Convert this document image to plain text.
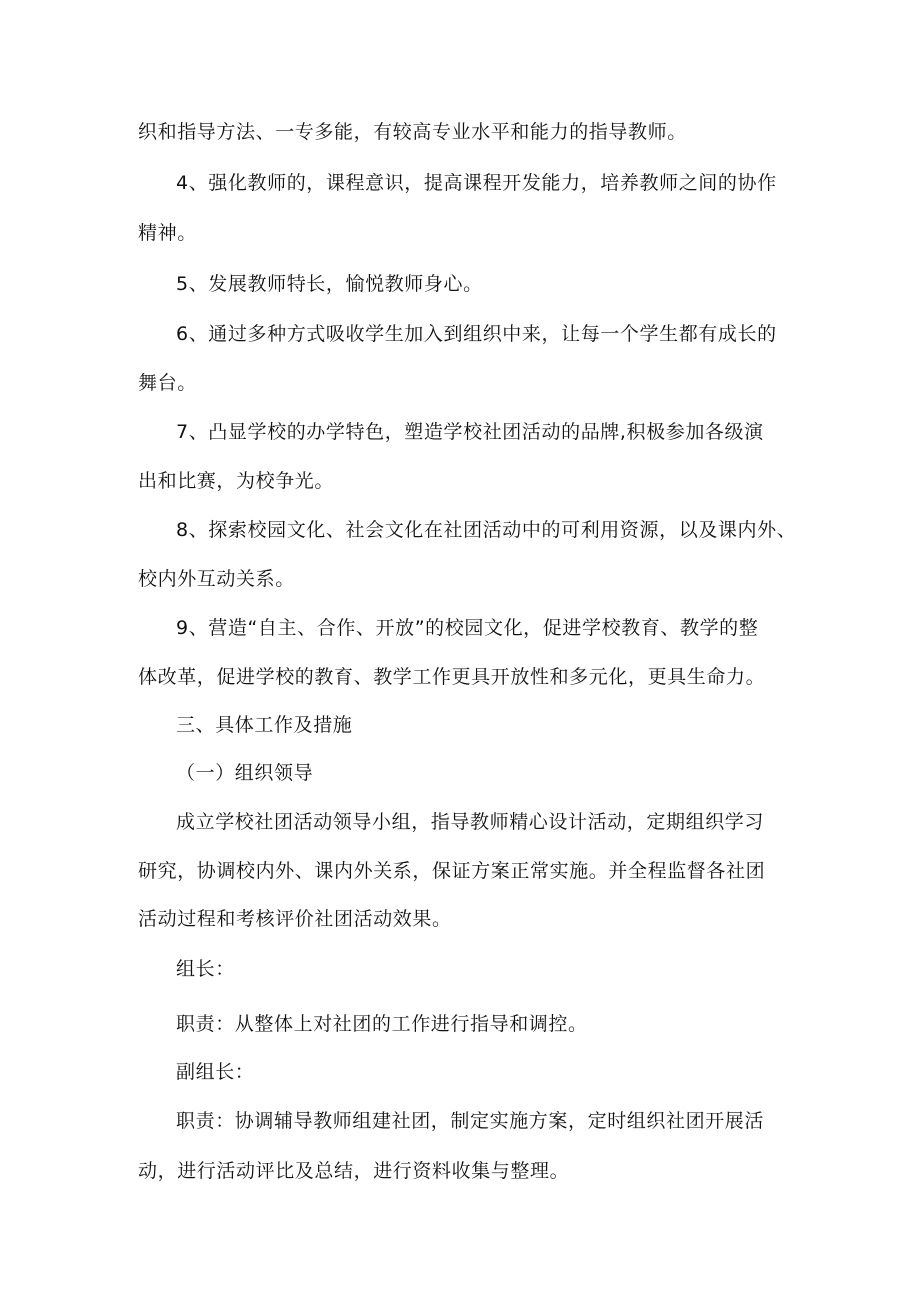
织和指导方法、一专多能，有较高专业水平和能力的指导教师。
4、强化教师的，课程意识，提高课程开发能力，培养教师之间的协作
精神。
5、发展教师特长，愉悦教师身心。
6、通过多种方式吸收学生加入到组织中来，让每一个学生都有成长的
舞台。
7、凸显学校的办学特色，塑造学校社团活动的品牌,积极参加各级演
出和比赛，为校争光。
8、探索校园文化、社会文化在社团活动中的可利用资源，以及课内外、
校内外互动关系。
9、营造“自主、合作、开放”的校园文化，促进学校教育、教学的整
体改革，促进学校的教育、教学工作更具开放性和多元化，更具生命力。
三、具体工作及措施
（一）组织领导
成立学校社团活动领导小组，指导教师精心设计活动，定期组织学习
研究，协调校内外、课内外关系，保证方案正常实施。并全程监督各社团
活动过程和考核评价社团活动效果。
组长：
职责：从整体上对社团的工作进行指导和调控。
副组长：
职责：协调辅导教师组建社团，制定实施方案，定时组织社团开展活
动，进行活动评比及总结，进行资料收集与整理。
